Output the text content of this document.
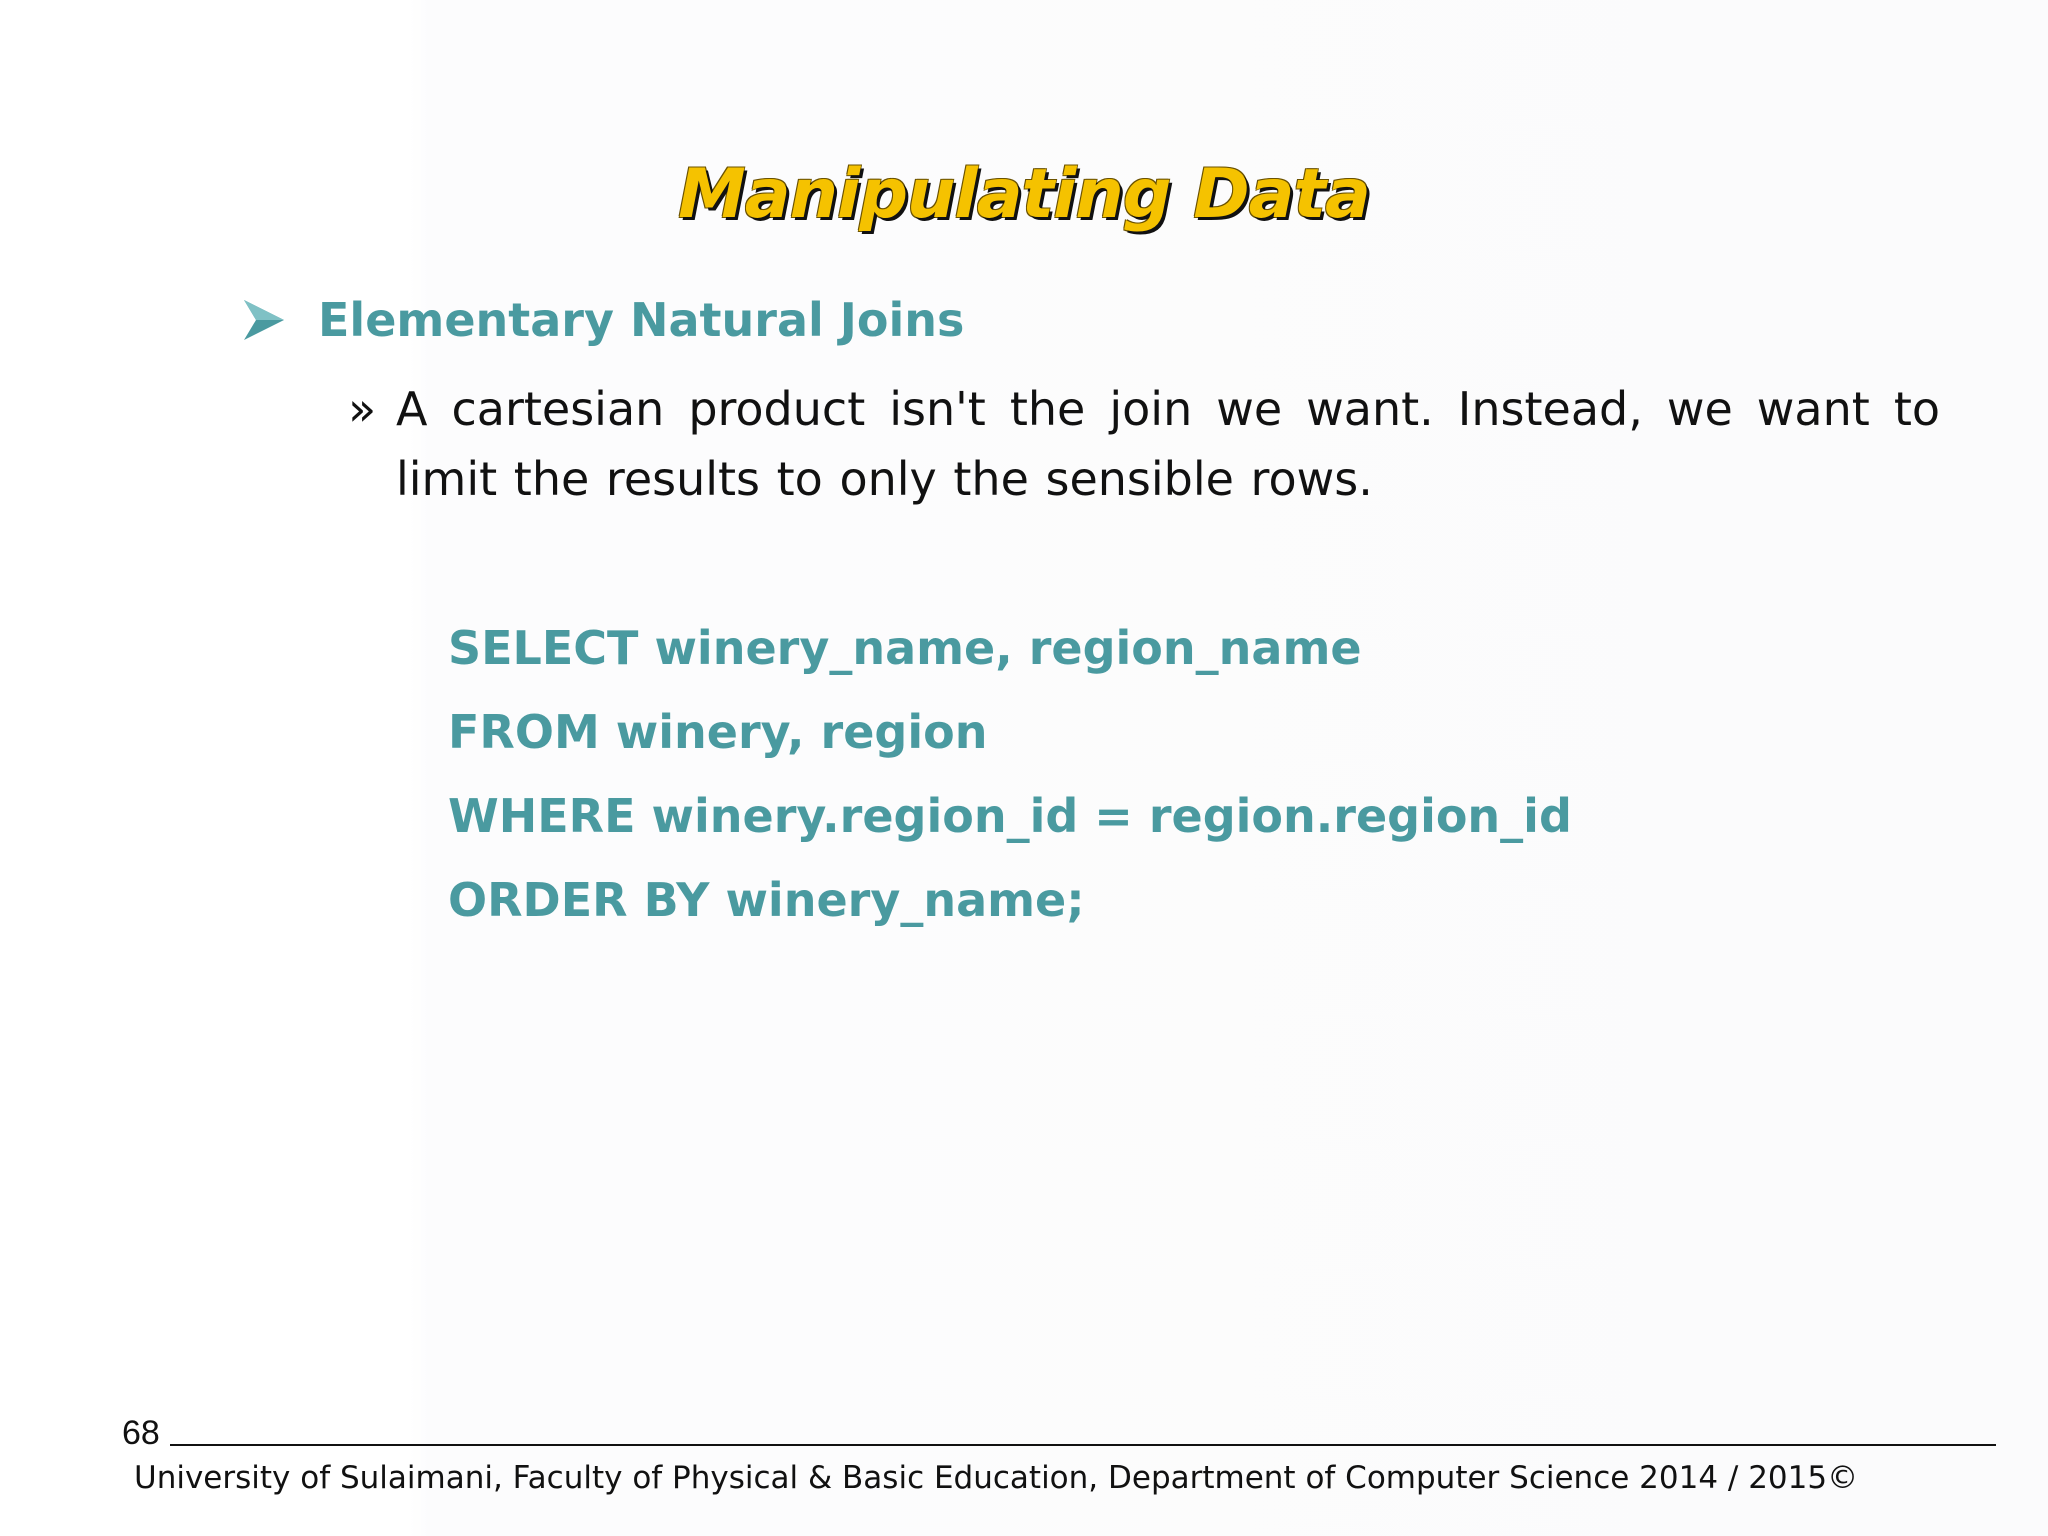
Manipulating Data
Elementary Natural Joins
» A cartesian product isn't the join we want. Instead, we want to limit the results to only the sensible rows.
SELECT winery_name, region_name
FROM winery, region
WHERE winery.region_id = region.region_id
ORDER BY winery_name;
68
University of Sulaimani, Faculty of Physical & Basic Education, Department of Computer Science 2014 / 2015©
